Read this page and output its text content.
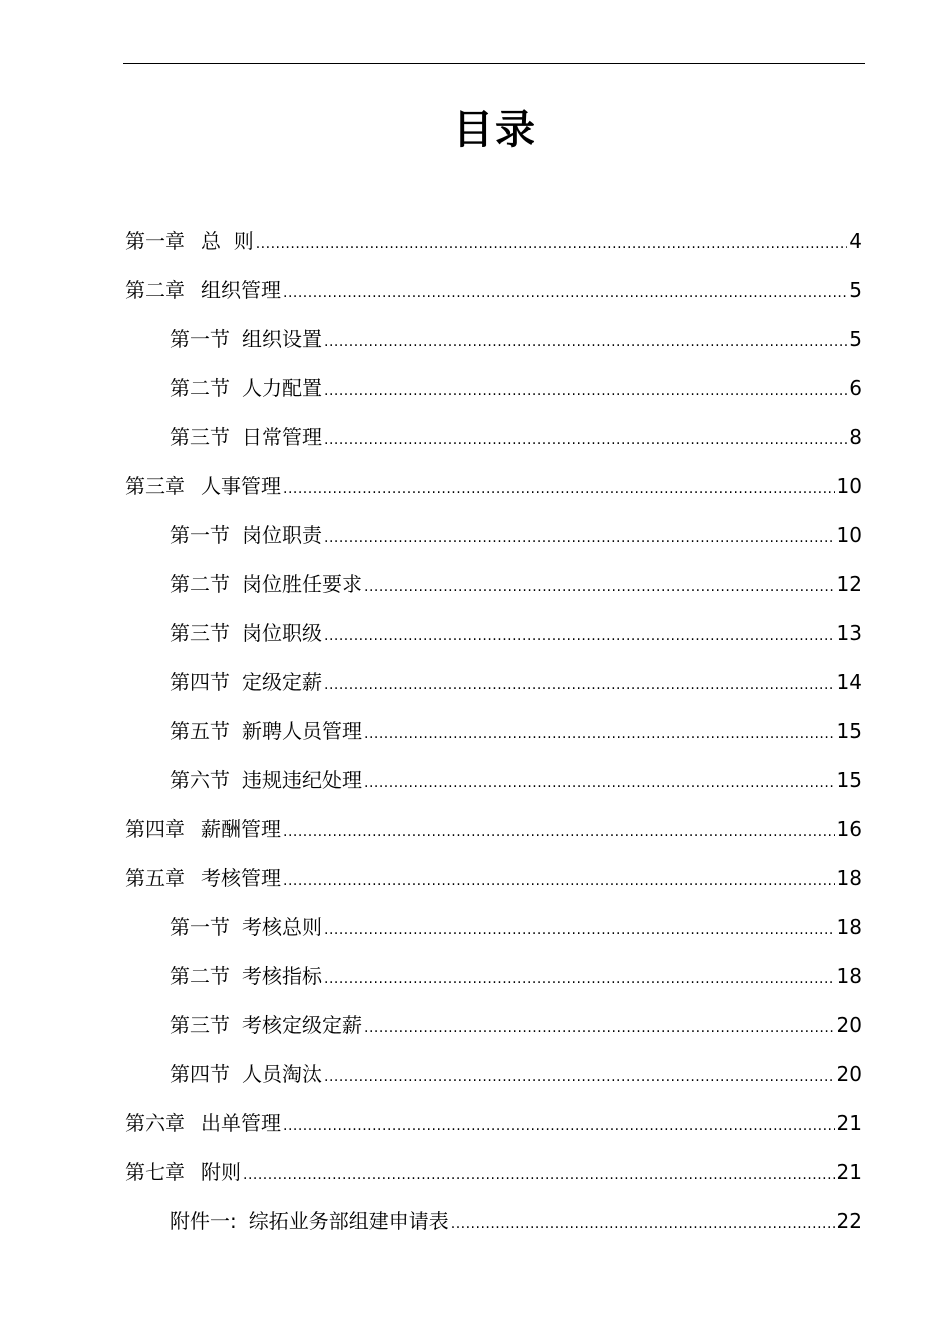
目录
第一章 总  则 .....	4
第二章 组织管理 .....	5
第一节 组织设置 .....	5
第二节 人力配置 .....	6
第三节 日常管理 .....	8
第三章 人事管理 .....	10
第一节 岗位职责 .....	10
第二节 岗位胜任要求 .....	12
第三节 岗位职级 .....	13
第四节 定级定薪 .....	14
第五节 新聘人员管理 .....	15
第六节 违规违纪处理 .....	15
第四章 薪酬管理 .....	16
第五章 考核管理 .....	18
第一节 考核总则 .....	18
第二节 考核指标 .....	18
第三节 考核定级定薪 .....	20
第四节 人员淘汰 .....	20
第六章 出单管理 .....	21
第七章 附则 .....	21
附件一: 综拓业务部组建申请表 .....	22
